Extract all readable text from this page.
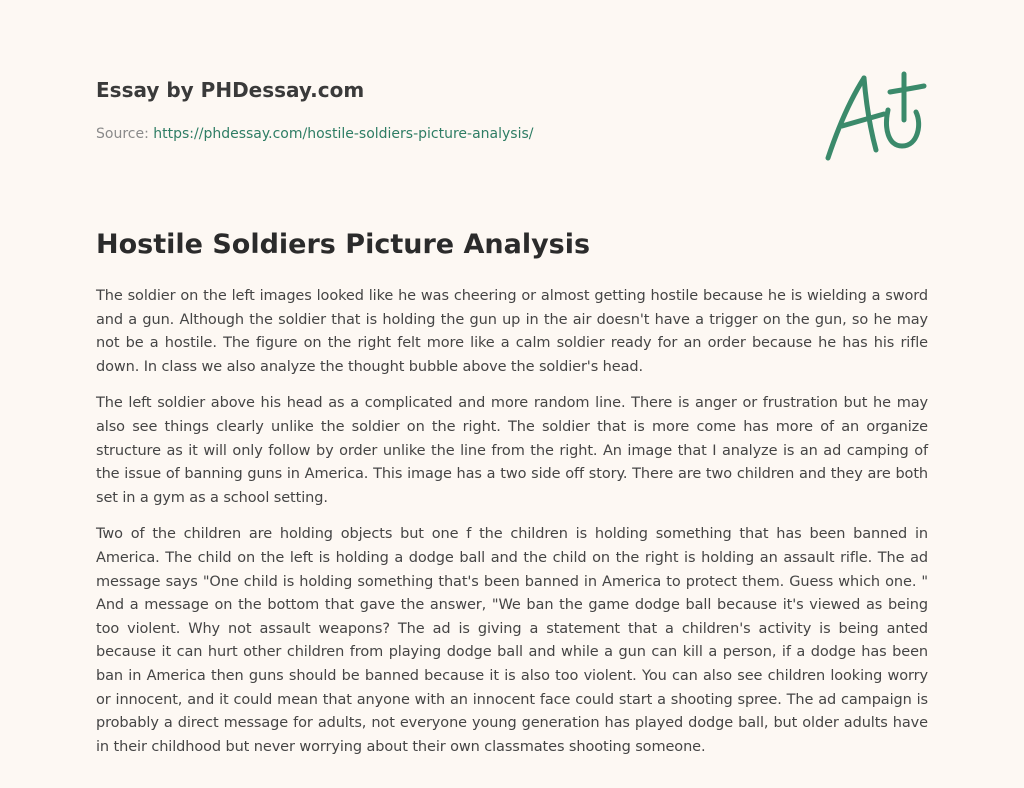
Essay by PHDessay.com

Source: https://phdessay.com/hostile-soldiers-picture-analysis/
Hostile Soldiers Picture Analysis

The soldier on the left images looked like he was cheering or almost getting hostile because he is wielding a sword and a gun. Although the soldier that is holding the gun up in the air doesn't have a trigger on the gun, so he may not be a hostile. The figure on the right felt more like a calm soldier ready for an order because he has his rifle down. In class we also analyze the thought bubble above the soldier's head.

The left soldier above his head as a complicated and more random line. There is anger or frustration but he may also see things clearly unlike the soldier on the right. The soldier that is more come has more of an organize structure as it will only follow by order unlike the line from the right. An image that I analyze is an ad camping of the issue of banning guns in America. This image has a two side off story. There are two children and they are both set in a gym as a school setting.

Two of the children are holding objects but one f the children is holding something that has been banned in America. The child on the left is holding a dodge ball and the child on the right is holding an assault rifle. The ad message says "One child is holding something that's been banned in America to protect them. Guess which one. " And a message on the bottom that gave the answer, "We ban the game dodge ball because it's viewed as being too violent. Why not assault weapons? The ad is giving a statement that a children's activity is being anted because it can hurt other children from playing dodge ball and while a gun can kill a person, if a dodge has been ban in America then guns should be banned because it is also too violent. You can also see children looking worry or innocent, and it could mean that anyone with an innocent face could start a shooting spree. The ad campaign is probably a direct message for adults, not everyone young generation has played dodge ball, but older adults have in their childhood but never worrying about their own classmates shooting someone.
